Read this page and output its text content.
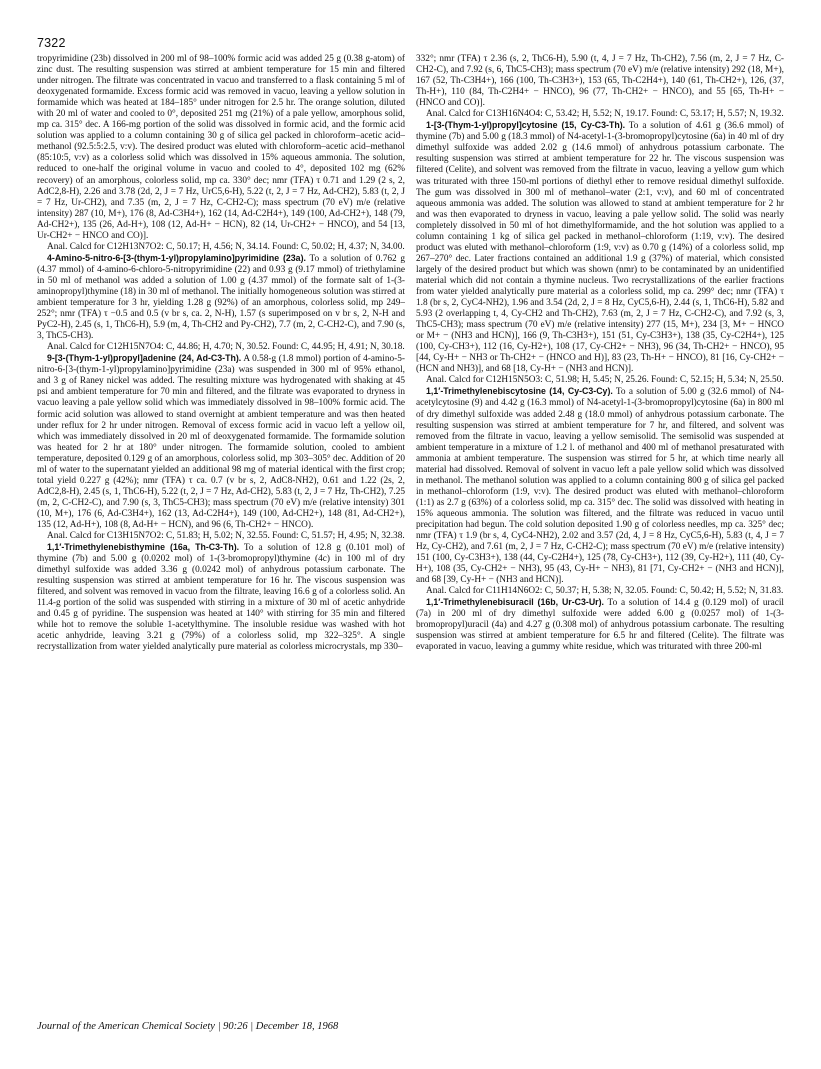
7322

tropyrimidine (23b) dissolved in 200 ml of 98–100% formic acid was added 25 g (0.38 g-atom) of zinc dust. The resulting suspension was stirred at ambient temperature for 15 min and filtered under nitrogen. The filtrate was concentrated in vacuo and transferred to a flask containing 5 ml of deoxygenated formamide. Excess formic acid was removed in vacuo, leaving a yellow solution in formamide which was heated at 184–185° under nitrogen for 2.5 hr. The orange solution, diluted with 20 ml of water and cooled to 0°, deposited 251 mg (21%) of a pale yellow, amorphous solid, mp ca. 315° dec. A 166-mg portion of the solid was dissolved in formic acid, and the formic acid solution was applied to a column containing 30 g of silica gel packed in chloroform–acetic acid–methanol (92.5:5:2.5, v:v). The desired product was eluted with chloroform–acetic acid–methanol (85:10:5, v:v) as a colorless solid which was dissolved in 15% aqueous ammonia. The solution, reduced to one-half the original volume in vacuo and cooled to 4°, deposited 102 mg (62% recovery) of an amorphous, colorless solid, mp ca. 330° dec; nmr (TFA) τ 0.71 and 1.29 (2 s, 2, AdC2,8-H), 2.26 and 3.78 (2d, 2, J = 7 Hz, UrC5,6-H), 5.22 (t, 2, J = 7 Hz, Ad-CH2), 5.83 (t, 2, J = 7 Hz, Ur-CH2), and 7.35 (m, 2, J = 7 Hz, C-CH2-C); mass spectrum (70 eV) m/e (relative intensity) 287 (10, M+), 176 (8, Ad-C3H4+), 162 (14, Ad-C2H4+), 149 (100, Ad-CH2+), 148 (79, Ad-CH2+), 135 (26, Ad-H+), 108 (12, Ad-H+ − HCN), 82 (14, Ur-CH2+ − HNCO), and 54 [13, Ur-CH2+ − HNCO and CO)].

Anal. Calcd for C12H13N7O2: C, 50.17; H, 4.56; N, 34.14. Found: C, 50.02; H, 4.37; N, 34.00.

4-Amino-5-nitro-6-[3-(thym-1-yl)propylamino]pyrimidine (23a). To a solution of 0.762 g (4.37 mmol) of 4-amino-6-chloro-5-nitropyrimidine (22) and 0.93 g (9.17 mmol) of triethylamine in 50 ml of methanol was added a solution of 1.00 g (4.37 mmol) of the formate salt of 1-(3-aminopropyl)thymine (18) in 30 ml of methanol. The initially homogeneous solution was stirred at ambient temperature for 3 hr, yielding 1.28 g (92%) of an amorphous, colorless solid, mp 249–252°; nmr (TFA) τ −0.5 and 0.5 (v br s, ca. 2, N-H), 1.57 (s superimposed on v br s, 2, N-H and PyC2-H), 2.45 (s, 1, ThC6-H), 5.9 (m, 4, Th-CH2 and Py-CH2), 7.7 (m, 2, C-CH2-C), and 7.90 (s, 3, ThC5-CH3).

Anal. Calcd for C12H15N7O4: C, 44.86; H, 4.70; N, 30.52. Found: C, 44.95; H, 4.91; N, 30.18.

9-[3-(Thym-1-yl)propyl]adenine (24, Ad-C3-Th). A 0.58-g (1.8 mmol) portion of 4-amino-5-nitro-6-[3-(thym-1-yl)propylamino]pyrimidine (23a) was suspended in 300 ml of 95% ethanol, and 3 g of Raney nickel was added. The resulting mixture was hydrogenated with shaking at 45 psi and ambient temperature for 70 min and filtered, and the filtrate was evaporated to dryness in vacuo leaving a pale yellow solid which was immediately dissolved in 98–100% formic acid. The formic acid solution was allowed to stand overnight at ambient temperature and was then heated under reflux for 2 hr under nitrogen. Removal of excess formic acid in vacuo left a yellow oil, which was immediately dissolved in 20 ml of deoxygenated formamide. The formamide solution was heated for 2 hr at 180° under nitrogen. The formamide solution, cooled to ambient temperature, deposited 0.129 g of an amorphous, colorless solid, mp 303–305° dec. Addition of 20 ml of water to the supernatant yielded an additional 98 mg of material identical with the first crop; total yield 0.227 g (42%); nmr (TFA) τ ca. 0.7 (v br s, 2, AdC8-NH2), 0.61 and 1.22 (2s, 2, AdC2,8-H), 2.45 (s, 1, ThC6-H), 5.22 (t, 2, J = 7 Hz, Ad-CH2), 5.83 (t, 2, J = 7 Hz, Th-CH2), 7.25 (m, 2, C-CH2-C), and 7.90 (s, 3, ThC5-CH3); mass spectrum (70 eV) m/e (relative intensity) 301 (10, M+), 176 (6, Ad-C3H4+), 162 (13, Ad-C2H4+), 149 (100, Ad-CH2+), 148 (81, Ad-CH2+), 135 (12, Ad-H+), 108 (8, Ad-H+ − HCN), and 96 (6, Th-CH2+ − HNCO).

Anal. Calcd for C13H15N7O2: C, 51.83; H, 5.02; N, 32.55. Found: C, 51.57; H, 4.95; N, 32.38.

1,1′-Trimethylenebisthymine (16a, Th-C3-Th). To a solution of 12.8 g (0.101 mol) of thymine (7b) and 5.00 g (0.0202 mol) of 1-(3-bromopropyl)thymine (4c) in 100 ml of dry dimethyl sulfoxide was added 3.36 g (0.0242 mol) of anhydrous potassium carbonate. The resulting suspension was stirred at ambient temperature for 16 hr. The viscous suspension was filtered, and solvent was removed in vacuo from the filtrate, leaving 16.6 g of a colorless solid. An 11.4-g portion of the solid was suspended with stirring in a mixture of 30 ml of acetic anhydride and 0.45 g of pyridine. The suspension was heated at 140° with stirring for 35 min and filtered while hot to remove the soluble 1-acetylthymine. The insoluble residue was washed with hot acetic anhydride, leaving 3.21 g (79%) of a colorless solid, mp 322–325°. A single recrystallization from water yielded analytically pure material as colorless microcrystals, mp 330–

332°; nmr (TFA) τ 2.36 (s, 2, ThC6-H), 5.90 (t, 4, J = 7 Hz, Th-CH2), 7.56 (m, 2, J = 7 Hz, C-CH2-C), and 7.92 (s, 6, ThC5-CH3); mass spectrum (70 eV) m/e (relative intensity) 292 (18, M+), 167 (52, Th-C3H4+), 166 (100, Th-C3H3+), 153 (65, Th-C2H4+), 140 (61, Th-CH2+), 126, (37, Th-H+), 110 (84, Th-C2H4+ − HNCO), 96 (77, Th-CH2+ − HNCO), and 55 [65, Th-H+ − (HNCO and CO)].

Anal. Calcd for C13H16N4O4: C, 53.42; H, 5.52; N, 19.17. Found: C, 53.17; H, 5.57; N, 19.32.

1-[3-(Thym-1-yl)propyl]cytosine (15, Cy-C3-Th). To a solution of 4.61 g (36.6 mmol) of thymine (7b) and 5.00 g (18.3 mmol) of N4-acetyl-1-(3-bromopropyl)cytosine (6a) in 40 ml of dry dimethyl sulfoxide was added 2.02 g (14.6 mmol) of anhydrous potassium carbonate. The resulting suspension was stirred at ambient temperature for 22 hr. The viscous suspension was filtered (Celite), and solvent was removed from the filtrate in vacuo, leaving a yellow gum which was triturated with three 150-ml portions of diethyl ether to remove residual dimethyl sulfoxide. The gum was dissolved in 300 ml of methanol–water (2:1, v:v), and 60 ml of concentrated aqueous ammonia was added. The solution was allowed to stand at ambient temperature for 2 hr and was then evaporated to dryness in vacuo, leaving a pale yellow solid. The solid was nearly completely dissolved in 50 ml of hot dimethylformamide, and the hot solution was applied to a column containing 1 kg of silica gel packed in methanol–chloroform (1:19, v:v). The desired product was eluted with methanol–chloroform (1:9, v:v) as 0.70 g (14%) of a colorless solid, mp 267–270° dec. Later fractions contained an additional 1.9 g (37%) of material, which consisted largely of the desired product but which was shown (nmr) to be contaminated by an unidentified material which did not contain a thymine nucleus. Two recrystallizations of the earlier fractions from water yielded analytically pure material as a colorless solid, mp ca. 299° dec; nmr (TFA) τ 1.8 (br s, 2, CyC4-NH2), 1.96 and 3.54 (2d, 2, J = 8 Hz, CyC5,6-H), 2.44 (s, 1, ThC6-H), 5.82 and 5.93 (2 overlapping t, 4, Cy-CH2 and Th-CH2), 7.63 (m, 2, J = 7 Hz, C-CH2-C), and 7.92 (s, 3, ThC5-CH3); mass spectrum (70 eV) m/e (relative intensity) 277 (15, M+), 234 [3, M+ − HNCO or M+ − (NH3 and HCN)], 166 (9, Th-C3H3+), 151 (51, Cy-C3H3+), 138 (35, Cy-C2H4+), 125 (100, Cy-CH3+), 112 (16, Cy-H2+), 108 (17, Cy-CH2+ − NH3), 96 (34, Th-CH2+ − HNCO), 95 [44, Cy-H+ − NH3 or Th-CH2+ − (HNCO and H)], 83 (23, Th-H+ − HNCO), 81 [16, Cy-CH2+ − (HCN and NH3)], and 68 [18, Cy-H+ − (NH3 and HCN)].

Anal. Calcd for C12H15N5O3: C, 51.98; H, 5.45; N, 25.26. Found: C, 52.15; H, 5.34; N, 25.50.

1,1′-Trimethylenebiscytosine (14, Cy-C3-Cy). To a solution of 5.00 g (32.6 mmol) of N4-acetylcytosine (9) and 4.42 g (16.3 mmol) of N4-acetyl-1-(3-bromopropyl)cytosine (6a) in 800 ml of dry dimethyl sulfoxide was added 2.48 g (18.0 mmol) of anhydrous potassium carbonate. The resulting suspension was stirred at ambient temperature for 7 hr, and filtered, and solvent was removed from the filtrate in vacuo, leaving a yellow semisolid. The semisolid was suspended at ambient temperature in a mixture of 1.2 l. of methanol and 400 ml of methanol presaturated with ammonia at ambient temperature. The suspension was stirred for 5 hr, at which time nearly all material had dissolved. Removal of solvent in vacuo left a pale yellow solid which was dissolved in methanol. The methanol solution was applied to a column containing 800 g of silica gel packed in methanol–chloroform (1:9, v:v). The desired product was eluted with methanol–chloroform (1:1) as 2.7 g (63%) of a colorless solid, mp ca. 315° dec. The solid was dissolved with heating in 15% aqueous ammonia. The solution was filtered, and the filtrate was reduced in vacuo until precipitation had begun. The cold solution deposited 1.90 g of colorless needles, mp ca. 325° dec; nmr (TFA) τ 1.9 (br s, 4, CyC4-NH2), 2.02 and 3.57 (2d, 4, J = 8 Hz, CyC5,6-H), 5.83 (t, 4, J = 7 Hz, Cy-CH2), and 7.61 (m, 2, J = 7 Hz, C-CH2-C); mass spectrum (70 eV) m/e (relative intensity) 151 (100, Cy-C3H3+), 138 (44, Cy-C2H4+), 125 (78, Cy-CH3+), 112 (39, Cy-H2+), 111 (40, Cy-H+), 108 (35, Cy-CH2+ − NH3), 95 (43, Cy-H+ − NH3), 81 [71, Cy-CH2+ − (NH3 and HCN)], and 68 [39, Cy-H+ − (NH3 and HCN)].

Anal. Calcd for C11H14N6O2: C, 50.37; H, 5.38; N, 32.05. Found: C, 50.42; H, 5.52; N, 31.83.

1,1′-Trimethylenebisuracil (16b, Ur-C3-Ur). To a solution of 14.4 g (0.129 mol) of uracil (7a) in 200 ml of dry dimethyl sulfoxide were added 6.00 g (0.0257 mol) of 1-(3-bromopropyl)uracil (4a) and 4.27 g (0.308 mol) of anhydrous potassium carbonate. The resulting suspension was stirred at ambient temperature for 6.5 hr and filtered (Celite). The filtrate was evaporated in vacuo, leaving a gummy white residue, which was triturated with three 200-ml

Journal of the American Chemical Society | 90:26 | December 18, 1968
